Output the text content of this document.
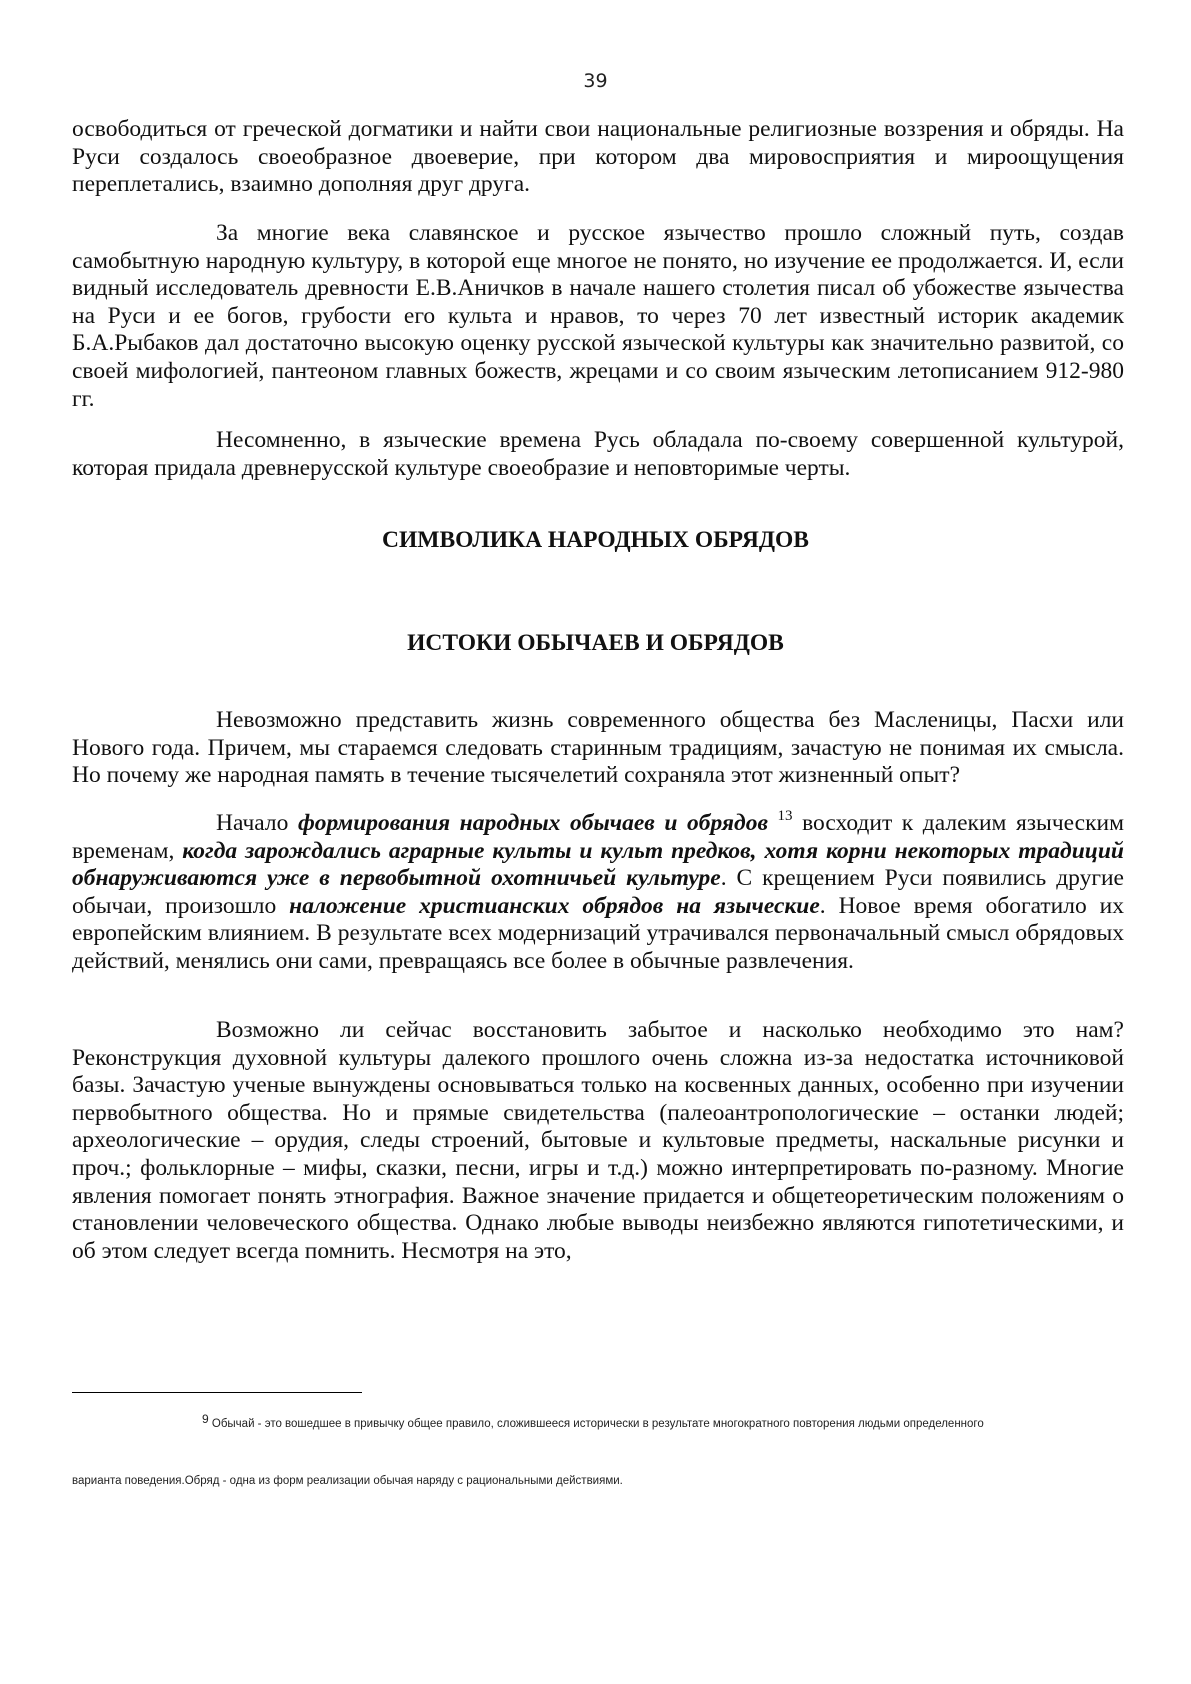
39

освободиться от греческой догматики и найти свои национальные религиозные воззрения и обряды. На Руси создалось своеобразное двоеверие, при котором два мировосприятия и мироощущения переплетались, взаимно дополняя друг друга.

За многие века славянское и русское язычество прошло сложный путь, создав самобытную народную культуру, в которой еще многое не понято, но изучение ее продолжается. И, если видный исследователь древности Е.В.Аничков в начале нашего столетия писал об убожестве язычества на Руси и ее богов, грубости его культа и нравов, то через 70 лет известный историк академик Б.А.Рыбаков дал достаточно высокую оценку русской языческой культуры как значительно развитой, со своей мифологией, пантеоном главных божеств, жрецами и со своим языческим летописанием 912-980 гг.

Несомненно, в языческие времена Русь обладала по-своему совершенной культурой, которая придала древнерусской культуре своеобразие и неповторимые черты.

СИМВОЛИКА НАРОДНЫХ ОБРЯДОВ
ИСТОКИ ОБЫЧАЕВ И ОБРЯДОВ

Невозможно представить жизнь современного общества без Масленицы, Пасхи или Нового года. Причем, мы стараемся следовать старинным традициям, зачастую не понимая их смысла. Но почему же народная память в течение тысячелетий сохраняла этот жизненный опыт?

Начало формирования народных обычаев и обрядов $^{13}$ восходит к далеким языческим временам, когда зарождались аграрные культы и культ предков, хотя корни некоторых традиций обнаруживаются уже в первобытной охотничьей культуре. С крещением Руси появились другие обычаи, произошло наложение христианских обрядов на языческие. Новое время обогатило их европейским влиянием. В результате всех модернизаций утрачивался первоначальный смысл обрядовых действий, менялись они сами, превращаясь все более в обычные развлечения.

Возможно ли сейчас восстановить забытое и насколько необходимо это нам? Реконструкция духовной культуры далекого прошлого очень сложна из-за недостатка источниковой базы. Зачастую ученые вынуждены основываться только на косвенных данных, особенно при изучении первобытного общества. Но и прямые свидетельства (палеоантропологические – останки людей; археологические – орудия, следы строений, бытовые и культовые предметы, наскальные рисунки и проч.; фольклорные – мифы, сказки, песни, игры и т.д.) можно интерпретировать по-разному. Многие явления помогает понять этнография. Важное значение придается и общетеоретическим положениям о становлении человеческого общества. Однако любые выводы неизбежно являются гипотетическими, и об этом следует всегда помнить. Несмотря на это,

$^9$ Обычай - это вошедшее в привычку общее правило, сложившееся исторически в результате многократного повторения людьми определенного
варианта поведения.Обряд - одна из форм реализации обычая наряду с рациональными действиями.
